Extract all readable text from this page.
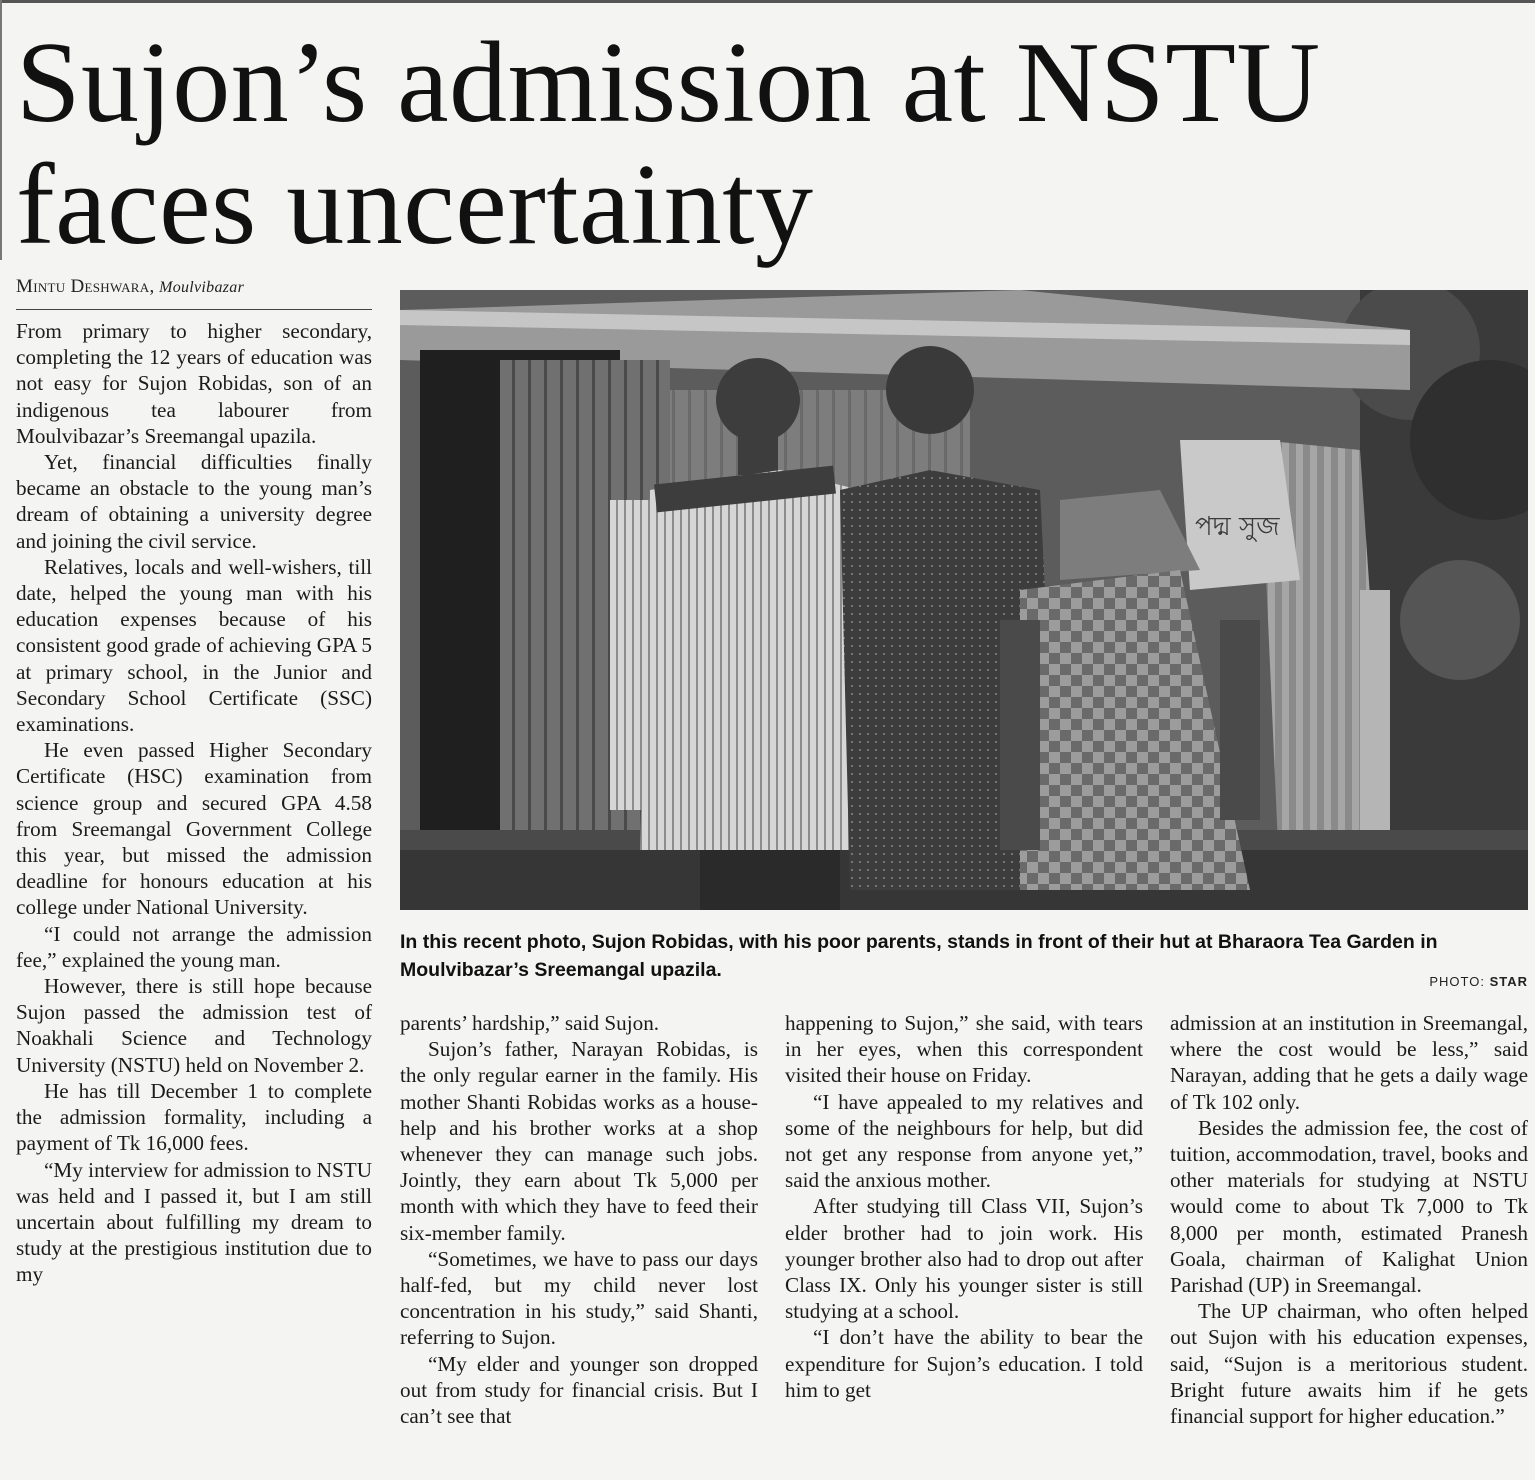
Sujon’s admission at NSTU faces uncertainty
Mintu Deshwara, Moulvibazar

From primary to higher secondary, completing the 12 years of education was not easy for Sujon Robidas, son of an indigenous tea labourer from Moulvibazar’s Sreemangal upazila.

Yet, financial difficulties finally became an obstacle to the young man’s dream of obtaining a university degree and joining the civil service.

Relatives, locals and well-wishers, till date, helped the young man with his education expenses because of his consistent good grade of achieving GPA 5 at primary school, in the Junior and Secondary School Certificate (SSC) examinations.

He even passed Higher Secondary Certificate (HSC) examination from science group and secured GPA 4.58 from Sreemangal Government College this year, but missed the admission deadline for honours education at his college under National University.

“I could not arrange the admission fee,” explained the young man.

However, there is still hope because Sujon passed the admission test of Noakhali Science and Technology University (NSTU) held on November 2.

He has till December 1 to complete the admission formality, including a payment of Tk 16,000 fees.

“My interview for admission to NSTU was held and I passed it, but I am still uncertain about fulfilling my dream to study at the prestigious institution due to my

পদ্ম সুজ
In this recent photo, Sujon Robidas, with his poor parents, stands in front of their hut at Bharaora Tea Garden in Moulvibazar’s Sreemangal upazila.
PHOTO: STAR

parents’ hardship,” said Sujon.

Sujon’s father, Narayan Robidas, is the only regular earner in the family. His mother Shanti Robidas works as a house-help and his brother works at a shop whenever they can manage such jobs. Jointly, they earn about Tk 5,000 per month with which they have to feed their six-member family.

“Sometimes, we have to pass our days half-fed, but my child never lost concentration in his study,” said Shanti, referring to Sujon.

“My elder and younger son dropped out from study for financial crisis. But I can’t see that

happening to Sujon,” she said, with tears in her eyes, when this correspondent visited their house on Friday.

“I have appealed to my relatives and some of the neighbours for help, but did not get any response from anyone yet,” said the anxious mother.

After studying till Class VII, Sujon’s elder brother had to join work. His younger brother also had to drop out after Class IX. Only his younger sister is still studying at a school.

“I don’t have the ability to bear the expenditure for Sujon’s education. I told him to get

admission at an institution in Sreemangal, where the cost would be less,” said Narayan, adding that he gets a daily wage of Tk 102 only.

Besides the admission fee, the cost of tuition, accommodation, travel, books and other materials for studying at NSTU would come to about Tk 7,000 to Tk 8,000 per month, estimated Pranesh Goala, chairman of Kalighat Union Parishad (UP) in Sreemangal.

The UP chairman, who often helped out Sujon with his education expenses, said, “Sujon is a meritorious student. Bright future awaits him if he gets financial support for higher education.”
